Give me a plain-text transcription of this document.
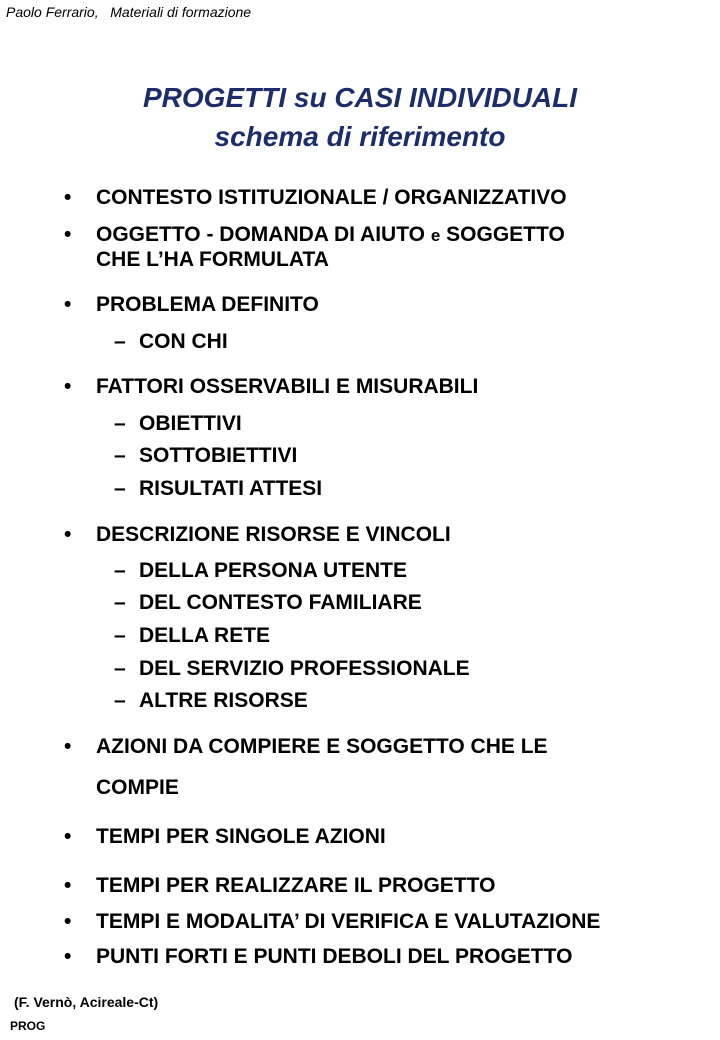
Paolo Ferrario,   Materiali di formazione
PROGETTI su CASI INDIVIDUALI
schema di riferimento
• CONTESTO ISTITUZIONALE / ORGANIZZATIVO
• OGGETTO - DOMANDA DI AIUTO e SOGGETTO
CHE L’HA FORMULATA
• PROBLEMA DEFINITO
– CON CHI
• FATTORI OSSERVABILI E MISURABILI
– OBIETTIVI
– SOTTOBIETTIVI
– RISULTATI ATTESI
• DESCRIZIONE RISORSE E VINCOLI
– DELLA PERSONA UTENTE
– DEL CONTESTO FAMILIARE
– DELLA RETE
– DEL SERVIZIO PROFESSIONALE
– ALTRE RISORSE
• AZIONI DA COMPIERE E SOGGETTO CHE LE
COMPIE
• TEMPI PER SINGOLE AZIONI
• TEMPI PER REALIZZARE IL PROGETTO
• TEMPI E MODALITA’ DI VERIFICA E VALUTAZIONE
• PUNTI FORTI E PUNTI DEBOLI DEL PROGETTO
(F. Vernò, Acireale-Ct)
PROG
